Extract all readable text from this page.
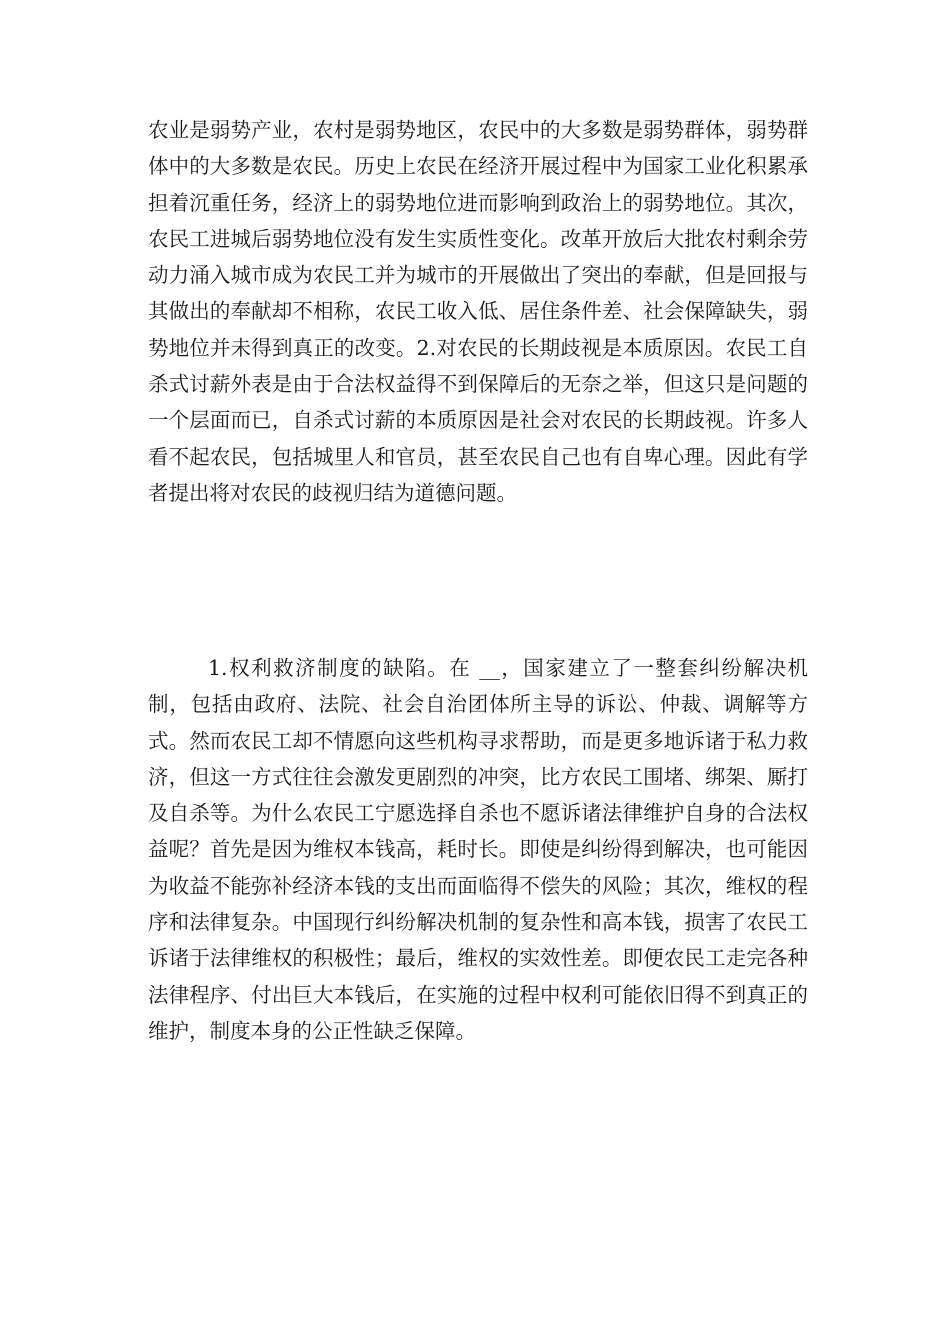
农业是弱势产业，农村是弱势地区，农民中的大多数是弱势群体，弱势群体中的大多数是农民。历史上农民在经济开展过程中为国家工业化积累承担着沉重任务，经济上的弱势地位进而影响到政治上的弱势地位。其次，农民工进城后弱势地位没有发生实质性变化。改革开放后大批农村剩余劳动力涌入城市成为农民工并为城市的开展做出了突出的奉献，但是回报与其做出的奉献却不相称，农民工收入低、居住条件差、社会保障缺失，弱势地位并未得到真正的改变。2.对农民的长期歧视是本质原因。农民工自杀式讨薪外表是由于合法权益得不到保障后的无奈之举，但这只是问题的一个层面而已，自杀式讨薪的本质原因是社会对农民的长期歧视。许多人看不起农民，包括城里人和官员，甚至农民自己也有自卑心理。因此有学者提出将对农民的歧视归结为道德问题。

1.权利救济制度的缺陷。在 __，国家建立了一整套纠纷解决机制，包括由政府、法院、社会自治团体所主导的诉讼、仲裁、调解等方式。然而农民工却不情愿向这些机构寻求帮助，而是更多地诉诸于私力救济，但这一方式往往会激发更剧烈的冲突，比方农民工围堵、绑架、厮打及自杀等。为什么农民工宁愿选择自杀也不愿诉诸法律维护自身的合法权益呢？首先是因为维权本钱高，耗时长。即使是纠纷得到解决，也可能因为收益不能弥补经济本钱的支出而面临得不偿失的风险；其次，维权的程序和法律复杂。中国现行纠纷解决机制的复杂性和高本钱，损害了农民工诉诸于法律维权的积极性；最后，维权的实效性差。即便农民工走完各种法律程序、付出巨大本钱后，在实施的过程中权利可能依旧得不到真正的维护，制度本身的公正性缺乏保障。
